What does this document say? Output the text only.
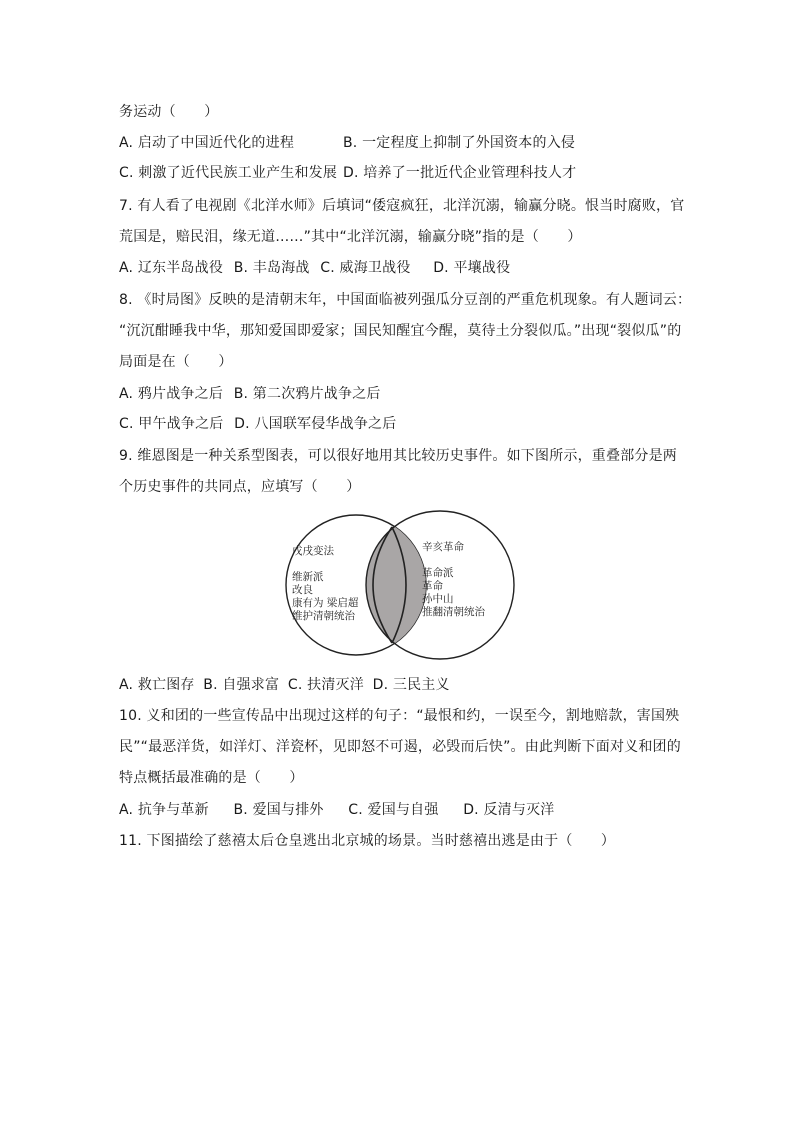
务运动（　　）
A. 启动了中国近代化的进程	B. 一定程度上抑制了外国资本的入侵
C. 刺激了近代民族工业产生和发展 D. 培养了一批近代企业管理科技人才
7. 有人看了电视剧《北洋水师》后填词“倭寇疯狂，北洋沉溺，输赢分晓。恨当时腐败，官
荒国是，赔民泪，缘无道……”其中“北洋沉溺，输赢分晓”指的是（　　）
A. 辽东半岛战役 B. 丰岛海战 C. 威海卫战役 D. 平壤战役
8. 《时局图》反映的是清朝末年，中国面临被列强瓜分豆剖的严重危机现象。有人题词云：
“沉沉酣睡我中华，那知爱国即爱家；国民知醒宜今醒，莫待土分裂似瓜。”出现“裂似瓜”的
局面是在（　　）
A. 鸦片战争之后 B. 第二次鸦片战争之后
C. 甲午战争之后 D. 八国联军侵华战争之后
9. 维恩图是一种关系型图表，可以很好地用其比较历史事件。如下图所示，重叠部分是两
个历史事件的共同点，应填写（　　）
戊戌变法
维新派
改良
康有为 梁启超
维护清朝统治
辛亥革命
革命派
革命
孙中山
推翻清朝统治
A. 救亡图存 B. 自强求富 C. 扶清灭洋 D. 三民主义
10. 义和团的一些宣传品中出现过这样的句子：“最恨和约，一误至今，割地赔款，害国殃
民”“最恶洋货，如洋灯、洋瓷杯，见即怒不可遏，必毁而后快”。由此判断下面对义和团的
特点概括最准确的是（　　）
A. 抗争与革新 B. 爱国与排外 C. 爱国与自强 D. 反清与灭洋
11. 下图描绘了慈禧太后仓皇逃出北京城的场景。当时慈禧出逃是由于（　　）
